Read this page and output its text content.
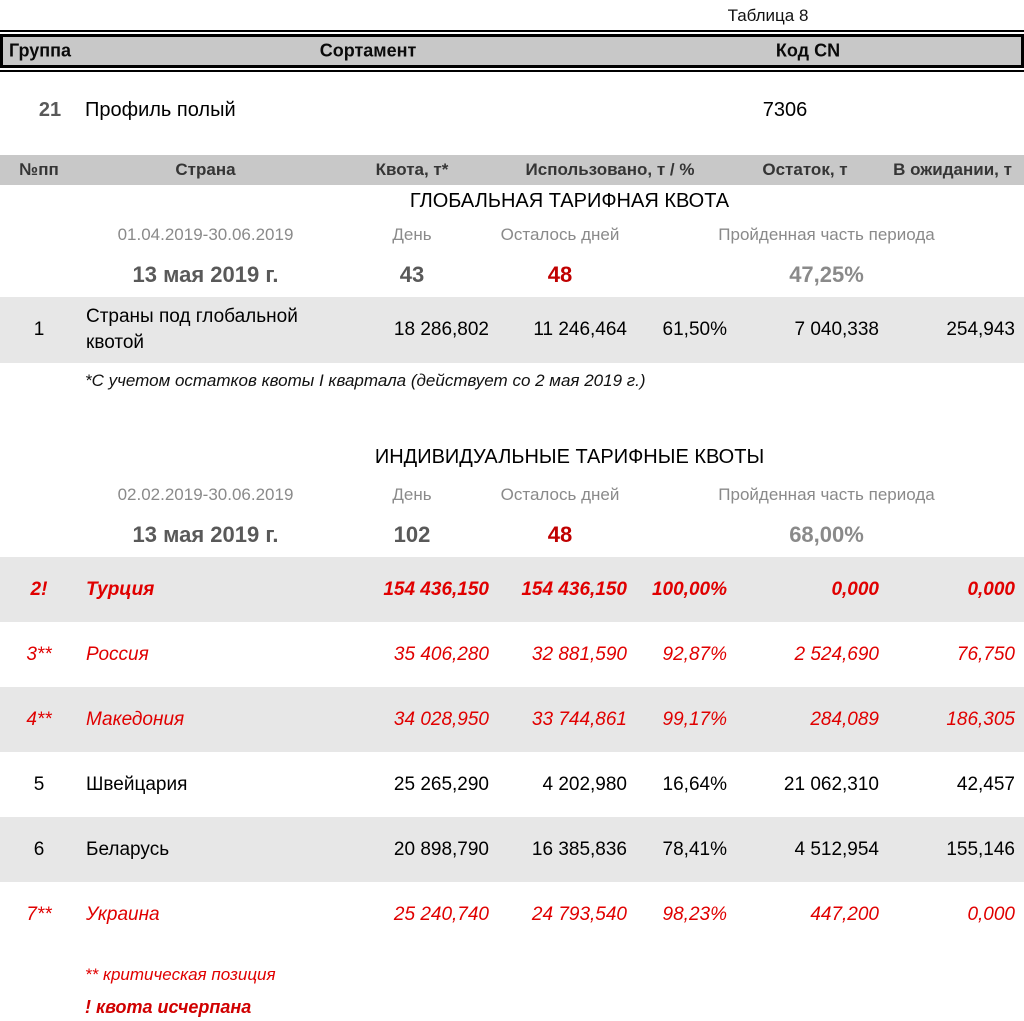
Таблица 8
Группа	Сортамент	Код CN
21 Профиль полый	7306
№пп	Страна	Квота, т*	Использовано, т / %		Остаток, т	В ожидании, т
ГЛОБАЛЬНАЯ ТАРИФНАЯ КВОТА						
	01.04.2019-30.06.2019	День	Осталось дней	Пройденная часть периода		
	13 мая 2019 г.	43	48	47,25%		
1	Страны под глобальной квотой	18 286,802	11 246,464	61,50%	7 040,338	254,943
*С учетом остатков квоты I квартала (действует со 2 мая 2019 г.)						

ИНДИВИДУАЛЬНЫЕ ТАРИФНЫЕ КВОТЫ						
	02.02.2019-30.06.2019	День	Осталось дней	Пройденная часть периода		
	13 мая 2019 г.	102	48	68,00%		
2!	Турция	154 436,150	154 436,150	100,00%	0,000	0,000
3**	Россия	35 406,280	32 881,590	92,87%	2 524,690	76,750
4**	Македония	34 028,950	33 744,861	99,17%	284,089	186,305
5	Швейцария	25 265,290	4 202,980	16,64%	21 062,310	42,457
6	Беларусь	20 898,790	16 385,836	78,41%	4 512,954	155,146
7**	Украина	25 240,740	24 793,540	98,23%	447,200	0,000
** критическая позиция						
! квота исчерпана						
